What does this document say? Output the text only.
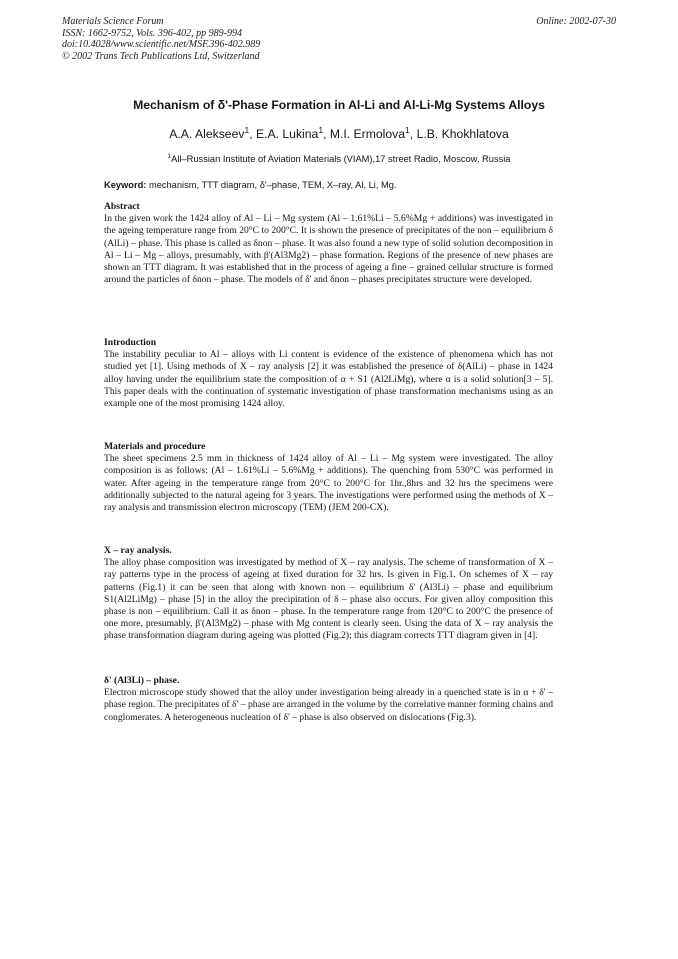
Materials Science Forum
ISSN: 1662-9752, Vols. 396-402, pp 989-994
doi:10.4028/www.scientific.net/MSF.396-402.989
© 2002 Trans Tech Publications Ltd, Switzerland
Online: 2002-07-30
Mechanism of δ'-Phase Formation in Al-Li and Al-Li-Mg Systems Alloys
A.A. Alekseev$^1$, E.A. Lukina$^1$, M.I. Ermolova$^1$, L.B. Khokhlatova
$^1$All–Russian Institute of Aviation Materials (VIAM),17 street Radio, Moscow, Russia
Keyword: mechanism, TTT diagram, δ'–phase, TEM, X–ray, Al, Li, Mg.
Abstract
In the given work the 1424 alloy of Al – Li – Mg system (Al – 1.61%Li – 5.6%Mg + additions) was investigated in the ageing temperature range from 20°C to 200°C. It is shown the presence of precipitates of the non – equilibrium δ (AlLi) – phase. This phase is called as δnon – phase. It was also found a new type of solid solution decomposition in Al – Li – Mg – alloys, presumably, with β'(Al3Mg2) – phase formation. Regions of the presence of new phases are shown an TTT diagram. It was established that in the process of ageing a fine – grained cellular structure is formed around the particles of δnon – phase. The models of δ' and δnon – phases precipitates structure were developed.
Introduction
The instability peculiar to Al – alloys with Li content is evidence of the existence of phenomena which has not studied yet [1]. Using methods of X – ray analysis [2] it was established the presence of δ(AlLi) – phase in 1424 alloy having under the equilibrium state the composition of α + S1 (Al2LiMg), where α is a solid solution[3 – 5]. This paper deals with the continuation of systematic investigation of phase transformation mechanisms using as an example one of the most promising 1424 alloy.
Materials and procedure
The sheet specimens 2.5 mm in thickness of 1424 alloy of Al – Li – Mg system were investigated. The alloy composition is as follows: (Al – 1.61%Li – 5.6%Mg + additions). The quenching from 530°C was performed in water. After ageing in the temperature range from 20°C to 200°C for 1hr.,8hrs and 32 hrs the specimens were additionally subjected to the natural ageing for 3 years. The investigations were performed using the methods of X – ray analysis and transmission electron microscopy (TEM) (JEM 200-CX).
X – ray analysis.
The alloy phase composition was investigated by method of X – ray analysis. The scheme of transformation of X – ray patterns type in the process of ageing at fixed duration for 32 hrs. Is given in Fig.1. On schemes of X – ray patterns (Fig.1) it can be seen that along with known non – equilibrium δ' (Al3Li) – phase and equilibrium S1(Al2LiMg) – phase [5] in the alloy the precipitation of δ – phase also occurs. For given alloy composition this phase is non – equilibrium. Call it as δnon – phase. In the temperature range from 120°C to 200°C the presence of one more, presumably, β'(Al3Mg2) – phase with Mg content is clearly seen. Using the data of X – ray analysis the phase transformation diagram during ageing was plotted (Fig.2); this diagram corrects TTT diagram given in [4].
δ' (Al3Li) – phase.
Electron microscope study showed that the alloy under investigation being already in a quenched state is in α + δ' – phase region. The precipitates of δ' – phase are arranged in the volume by the correlative manner forming chains and conglomerates. A heterogeneous nucleation of δ' – phase is also observed on dislocations (Fig.3).
